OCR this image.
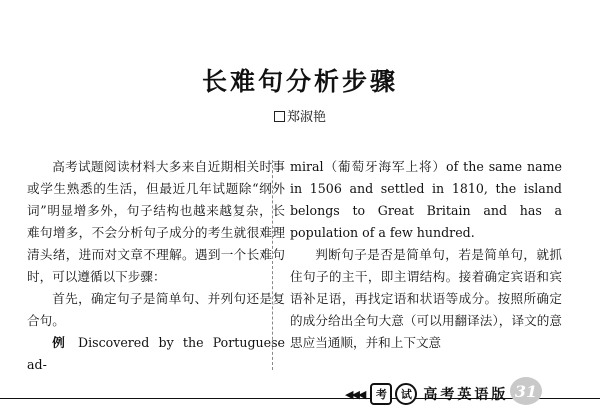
长难句分析步骤
郑淑艳

高考试题阅读材料大多来自近期相关时事或学生熟悉的生活，但最近几年试题除“纲外词”明显增多外，句子结构也越来越复杂，长难句增多，不会分析句子成分的考生就很难理清头绪，进而对文章不理解。遇到一个长难句时，可以遵循以下步骤：

首先，确定句子是简单句、并列句还是复合句。

例 Discovered by the Portuguese ad-

miral（葡萄牙海军上将）of the same name in 1506 and settled in 1810, the island belongs to Great Britain and has a population of a few hundred.

判断句子是否是简单句，若是简单句，就抓住句子的主干，即主谓结构。接着确定宾语和宾语补足语，再找定语和状语等成分。按照所确定的成分给出全句大意（可以用翻译法），译文的意思应当通顺，并和上下文意

◀◀◀	考	试 高考英语版 31
